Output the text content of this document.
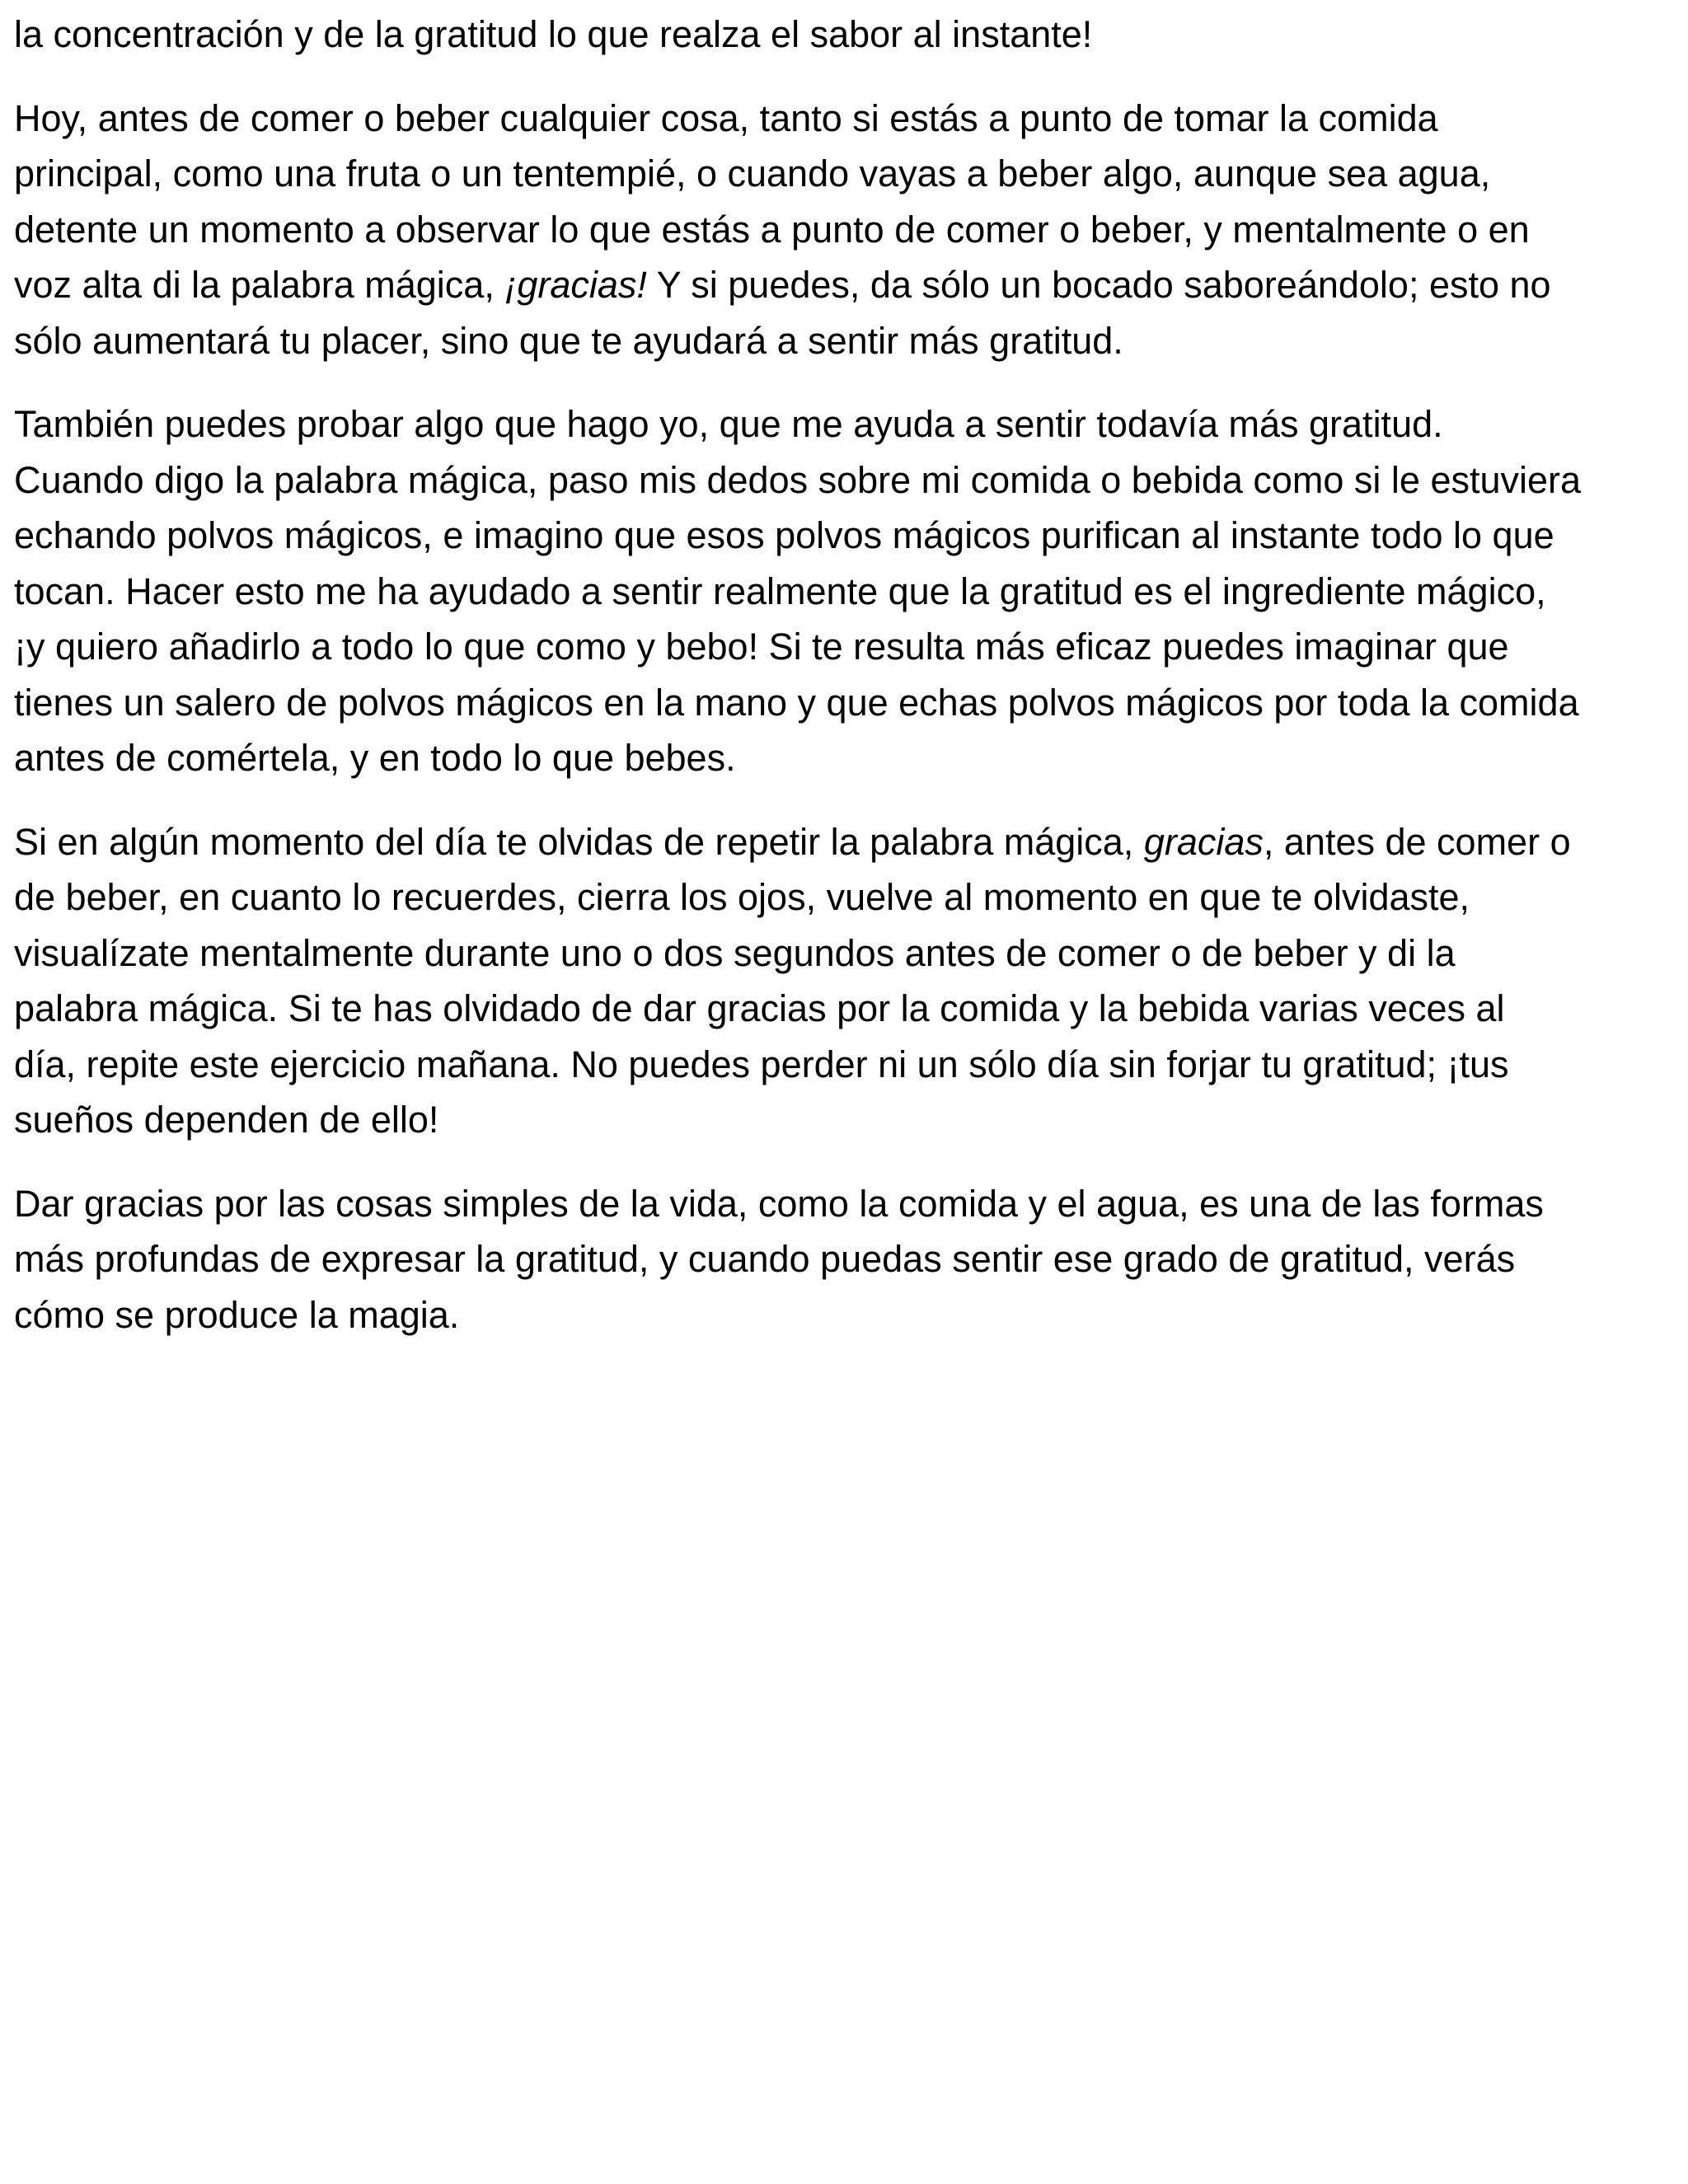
la concentración y de la gratitud lo que realza el sabor al instante!

Hoy, antes de comer o beber cualquier cosa, tanto si estás a punto de tomar la comida
principal, como una fruta o un tentempié, o cuando vayas a beber algo, aunque sea agua,
detente un momento a observar lo que estás a punto de comer o beber, y mentalmente o en
voz alta di la palabra mágica, ¡gracias! Y si puedes, da sólo un bocado saboreándolo; esto no
sólo aumentará tu placer, sino que te ayudará a sentir más gratitud.

También puedes probar algo que hago yo, que me ayuda a sentir todavía más gratitud.
Cuando digo la palabra mágica, paso mis dedos sobre mi comida o bebida como si le estuviera
echando polvos mágicos, e imagino que esos polvos mágicos purifican al instante todo lo que
tocan. Hacer esto me ha ayudado a sentir realmente que la gratitud es el ingrediente mágico,
¡y quiero añadirlo a todo lo que como y bebo! Si te resulta más eficaz puedes imaginar que
tienes un salero de polvos mágicos en la mano y que echas polvos mágicos por toda la comida
antes de comértela, y en todo lo que bebes.

Si en algún momento del día te olvidas de repetir la palabra mágica, gracias, antes de comer o
de beber, en cuanto lo recuerdes, cierra los ojos, vuelve al momento en que te olvidaste,
visualízate mentalmente durante uno o dos segundos antes de comer o de beber y di la
palabra mágica. Si te has olvidado de dar gracias por la comida y la bebida varias veces al
día, repite este ejercicio mañana. No puedes perder ni un sólo día sin forjar tu gratitud; ¡tus
sueños dependen de ello!

Dar gracias por las cosas simples de la vida, como la comida y el agua, es una de las formas
más profundas de expresar la gratitud, y cuando puedas sentir ese grado de gratitud, verás
cómo se produce la magia.
